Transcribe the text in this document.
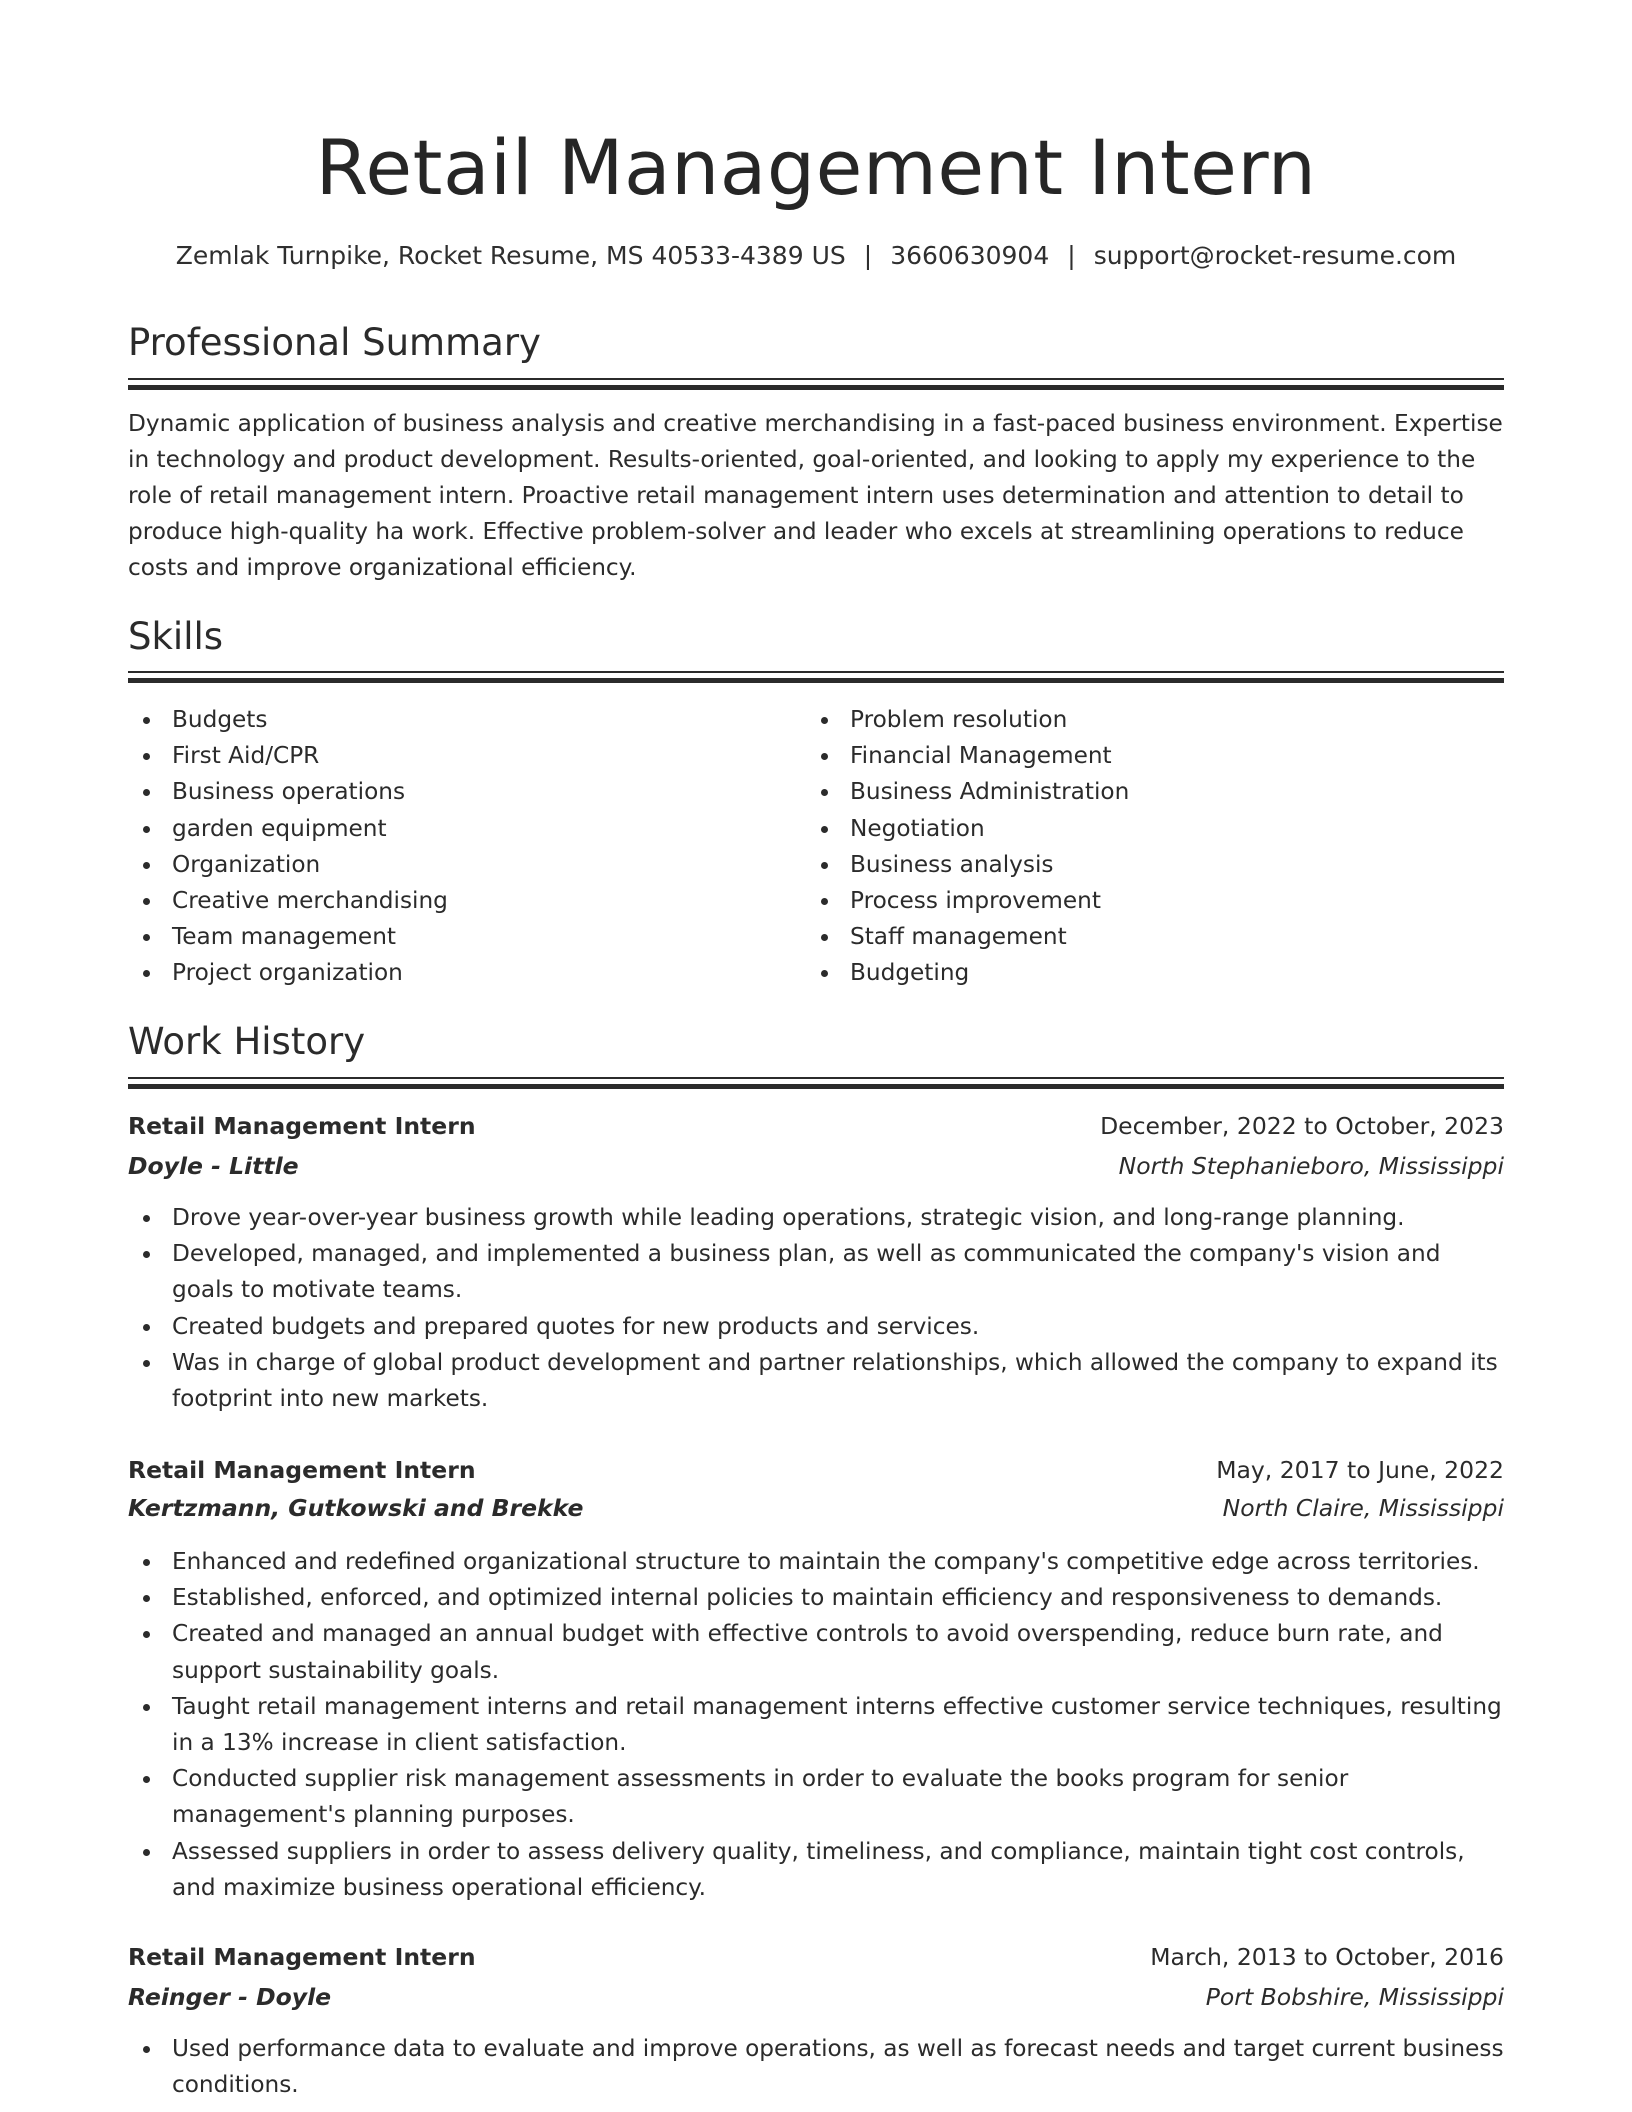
Retail Management Intern
Zemlak Turnpike, Rocket Resume, MS 40533-4389 US | 3660630904 | support@rocket-resume.com
Professional Summary

Dynamic application of business analysis and creative merchandising in a fast-paced business environment. Expertise in technology and product development. Results-oriented, goal-oriented, and looking to apply my experience to the role of retail management intern. Proactive retail management intern uses determination and attention to detail to produce high-quality ha work. Effective problem-solver and leader who excels at streamlining operations to reduce costs and improve organizational efficiency.

Skills
Budgets
First Aid/CPR
Business operations
garden equipment
Organization
Creative merchandising
Team management
Project organization
Problem resolution
Financial Management
Business Administration
Negotiation
Business analysis
Process improvement
Staff management
Budgeting
Work History
Retail Management Intern	December, 2022 to October, 2023
Doyle - Little	North Stephanieboro, Mississippi
Drove year-over-year business growth while leading operations, strategic vision, and long-range planning.
Developed, managed, and implemented a business plan, as well as communicated the company's vision and goals to motivate teams.
Created budgets and prepared quotes for new products and services.
Was in charge of global product development and partner relationships, which allowed the company to expand its footprint into new markets.
Retail Management Intern	May, 2017 to June, 2022
Kertzmann, Gutkowski and Brekke	North Claire, Mississippi
Enhanced and redefined organizational structure to maintain the company's competitive edge across territories.
Established, enforced, and optimized internal policies to maintain efficiency and responsiveness to demands.
Created and managed an annual budget with effective controls to avoid overspending, reduce burn rate, and support sustainability goals.
Taught retail management interns and retail management interns effective customer service techniques, resulting in a 13% increase in client satisfaction.
Conducted supplier risk management assessments in order to evaluate the books program for senior management's planning purposes.
Assessed suppliers in order to assess delivery quality, timeliness, and compliance, maintain tight cost controls, and maximize business operational efficiency.
Retail Management Intern	March, 2013 to October, 2016
Reinger - Doyle	Port Bobshire, Mississippi
Used performance data to evaluate and improve operations, as well as forecast needs and target current business conditions.
